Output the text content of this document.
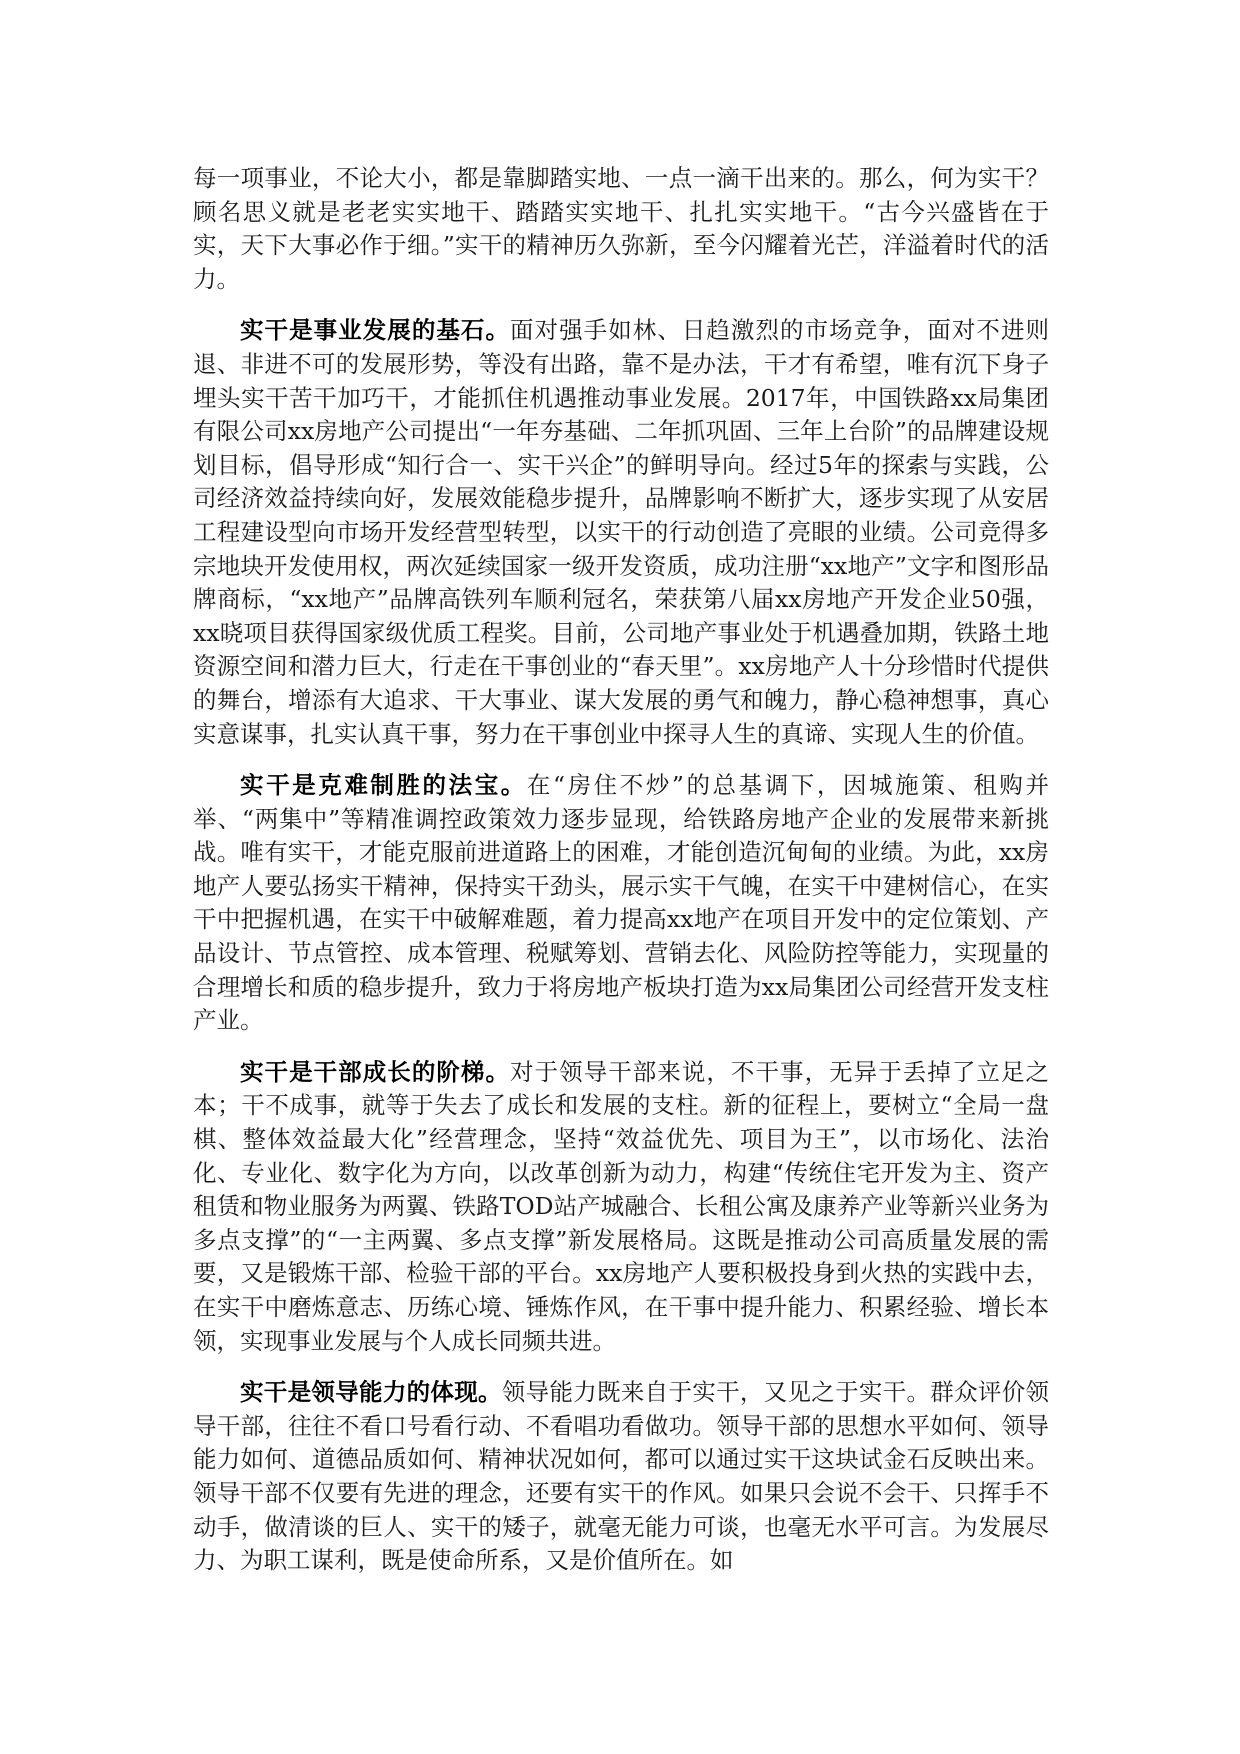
每一项事业，不论大小，都是靠脚踏实地、一点一滴干出来的。那么，何为实干？顾名思义就是老老实实地干、踏踏实实地干、扎扎实实地干。“古今兴盛皆在于实，天下大事必作于细。”实干的精神历久弥新，至今闪耀着光芒，洋溢着时代的活力。

实干是事业发展的基石。面对强手如林、日趋激烈的市场竞争，面对不进则退、非进不可的发展形势，等没有出路，靠不是办法，干才有希望，唯有沉下身子埋头实干苦干加巧干，才能抓住机遇推动事业发展。2017年，中国铁路xx局集团有限公司xx房地产公司提出“一年夯基础、二年抓巩固、三年上台阶”的品牌建设规划目标，倡导形成“知行合一、实干兴企”的鲜明导向。经过5年的探索与实践，公司经济效益持续向好，发展效能稳步提升，品牌影响不断扩大，逐步实现了从安居工程建设型向市场开发经营型转型，以实干的行动创造了亮眼的业绩。公司竞得多宗地块开发使用权，两次延续国家一级开发资质，成功注册“xx地产”文字和图形品牌商标，“xx地产”品牌高铁列车顺利冠名，荣获第八届xx房地产开发企业50强，xx晓项目获得国家级优质工程奖。目前，公司地产事业处于机遇叠加期，铁路土地资源空间和潜力巨大，行走在干事创业的“春天里”。xx房地产人十分珍惜时代提供的舞台，增添有大追求、干大事业、谋大发展的勇气和魄力，静心稳神想事，真心实意谋事，扎实认真干事，努力在干事创业中探寻人生的真谛、实现人生的价值。

实干是克难制胜的法宝。在“房住不炒”的总基调下，因城施策、租购并举、“两集中”等精准调控政策效力逐步显现，给铁路房地产企业的发展带来新挑战。唯有实干，才能克服前进道路上的困难，才能创造沉甸甸的业绩。为此，xx房地产人要弘扬实干精神，保持实干劲头，展示实干气魄，在实干中建树信心，在实干中把握机遇，在实干中破解难题，着力提高xx地产在项目开发中的定位策划、产品设计、节点管控、成本管理、税赋筹划、营销去化、风险防控等能力，实现量的合理增长和质的稳步提升，致力于将房地产板块打造为xx局集团公司经营开发支柱产业。

实干是干部成长的阶梯。对于领导干部来说，不干事，无异于丢掉了立足之本；干不成事，就等于失去了成长和发展的支柱。新的征程上，要树立“全局一盘棋、整体效益最大化”经营理念，坚持“效益优先、项目为王”，以市场化、法治化、专业化、数字化为方向，以改革创新为动力，构建“传统住宅开发为主、资产租赁和物业服务为两翼、铁路TOD站产城融合、长租公寓及康养产业等新兴业务为多点支撑”的“一主两翼、多点支撑”新发展格局。这既是推动公司高质量发展的需要，又是锻炼干部、检验干部的平台。xx房地产人要积极投身到火热的实践中去，在实干中磨炼意志、历练心境、锤炼作风，在干事中提升能力、积累经验、增长本领，实现事业发展与个人成长同频共进。

实干是领导能力的体现。领导能力既来自于实干，又见之于实干。群众评价领导干部，往往不看口号看行动、不看唱功看做功。领导干部的思想水平如何、领导能力如何、道德品质如何、精神状况如何，都可以通过实干这块试金石反映出来。领导干部不仅要有先进的理念，还要有实干的作风。如果只会说不会干、只挥手不动手，做清谈的巨人、实干的矮子，就毫无能力可谈，也毫无水平可言。为发展尽力、为职工谋利，既是使命所系，又是价值所在。如
